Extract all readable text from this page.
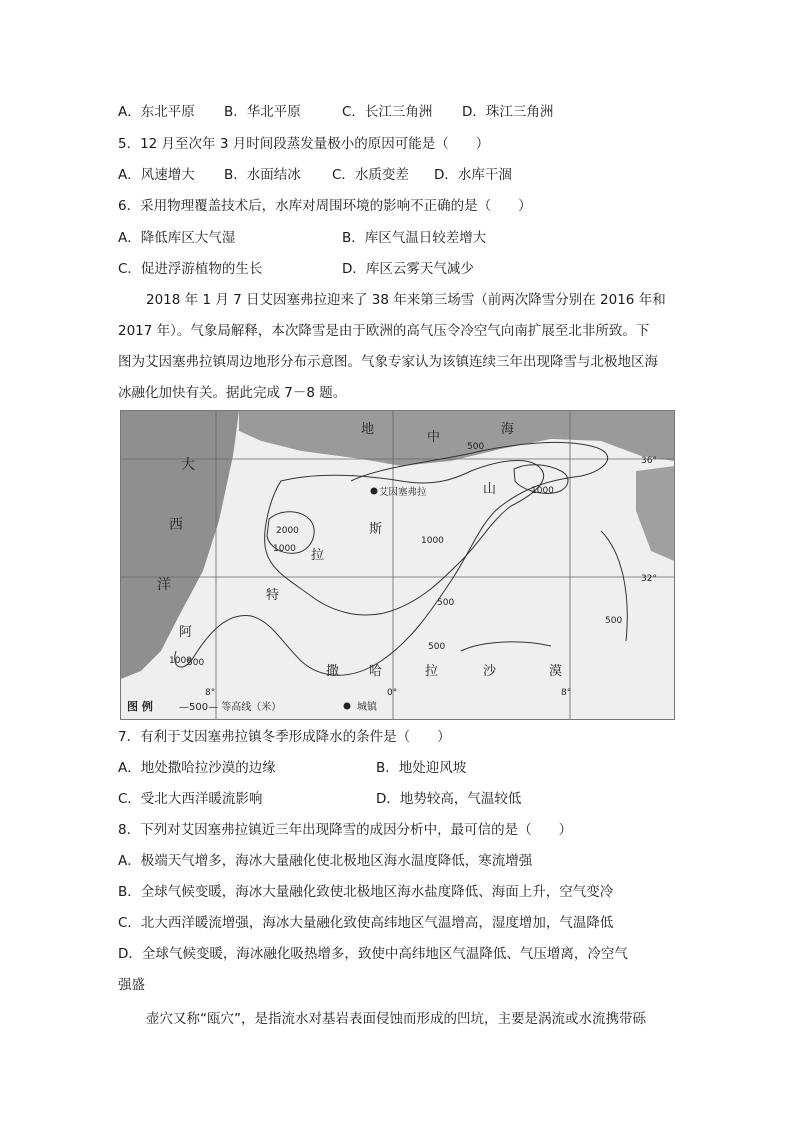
A．东北平原 B．华北平原	C．长江三角洲 D．珠江三角洲
5．12 月至次年 3 月时间段蒸发量极小的原因可能是（　　）
A．风速增大 B．水面结冰 C．水质变差 D．水库干涸
6．采用物理覆盖技术后，水库对周围环境的影响不正确的是（　　）
A．降低库区大气湿	B．库区气温日较差增大
C．促进浮游植物的生长	D．库区云雾天气减少
2018 年 1 月 7 日艾因塞弗拉迎来了 38 年来第三场雪（前两次降雪分别在 2016 年和
2017 年）。气象局解释，本次降雪是由于欧洲的高气压令冷空气向南扩展至北非所致。下
图为艾因塞弗拉镇周边地形分布示意图。气象专家认为该镇连续三年出现降雪与北极地区海
冰融化加快有关。据此完成 7－8 题。
大
西
洋
地
中
海
阿
特
拉
斯
山
撒 哈	拉	沙	漠
艾因塞弗拉
500
1000
2000
1000
1000
500
500
500
1000
500
36°
32°
8°	0°	8°
图 例	—500— 等高线（米）	城镇
7．有利于艾因塞弗拉镇冬季形成降水的条件是（　　）
A．地处撒哈拉沙漠的边缘	B．地处迎风坡
C．受北大西洋暖流影响	D．地势较高，气温较低
8．下列对艾因塞弗拉镇近三年出现降雪的成因分析中，最可信的是（　　）
A．极端天气增多，海冰大量融化使北极地区海水温度降低，寒流增强
B．全球气候变暖，海冰大量融化致使北极地区海水盐度降低、海面上升，空气变冷
C．北大西洋暖流增强，海冰大量融化致使高纬地区气温增高，湿度增加，气温降低
D．全球气候变暖，海冰融化吸热增多，致使中高纬地区气温降低、气压增离，冷空气
强盛
壶穴又称“瓯穴”，是指流水对基岩表面侵蚀而形成的凹坑，主要是涡流或水流携带砾
